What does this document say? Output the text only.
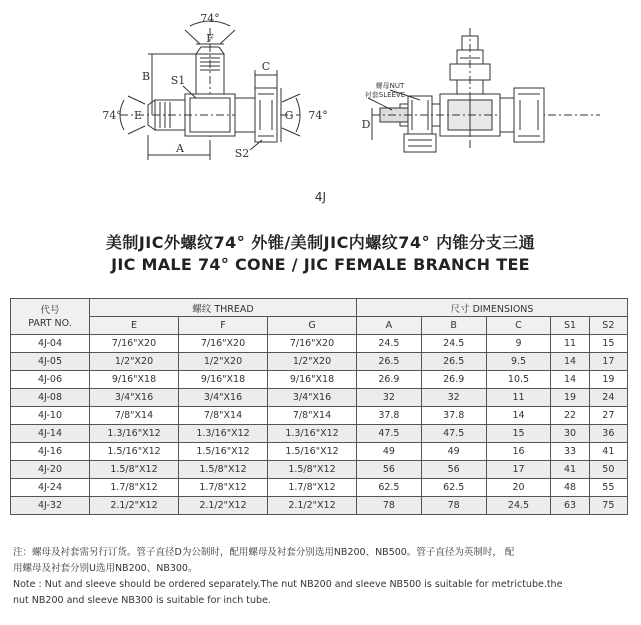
74°
F
B S1
C
74° E	G 74°
A	S2
D
螺母NUT
衬套SLEEVE
4J
美制JIC外螺纹74° 外锥/美制JIC内螺纹74° 内锥分支三通
JIC MALE 74° CONE / JIC FEMALE BRANCH TEE
代号
PART NO.	螺纹 THREAD			尺寸 DIMENSIONS				
	E	F	G	A	B	C	S1	S2
4J-04	7/16"X20	7/16"X20	7/16"X20	24.5	24.5	9	11	15
4J-05	1/2"X20	1/2"X20	1/2"X20	26.5	26.5	9.5	14	17
4J-06	9/16"X18	9/16"X18	9/16"X18	26.9	26.9	10.5	14	19
4J-08	3/4"X16	3/4"X16	3/4"X16	32	32	11	19	24
4J-10	7/8"X14	7/8"X14	7/8"X14	37.8	37.8	14	22	27
4J-14	1.3/16"X12	1.3/16"X12	1.3/16"X12	47.5	47.5	15	30	36
4J-16	1.5/16"X12	1.5/16"X12	1.5/16"X12	49	49	16	33	41
4J-20	1.5/8"X12	1.5/8"X12	1.5/8"X12	56	56	17	41	50
4J-24	1.7/8"X12	1.7/8"X12	1.7/8"X12	62.5	62.5	20	48	55
4J-32	2.1/2"X12	2.1/2"X12	2.1/2"X12	78	78	24.5	63	75
注：螺母及衬套需另行订货。管子直径D为公制时，配用螺母及衬套分别选用NB200、NB500。管子直径为英制时， 配
用螺母及衬套分别U选用NB200、NB300。
Note : Nut and sleeve should be ordered separately.The nut NB200 and sleeve NB500 is suitable for metrictube.the
nut NB200 and sleeve NB300 is suitable for inch tube.
